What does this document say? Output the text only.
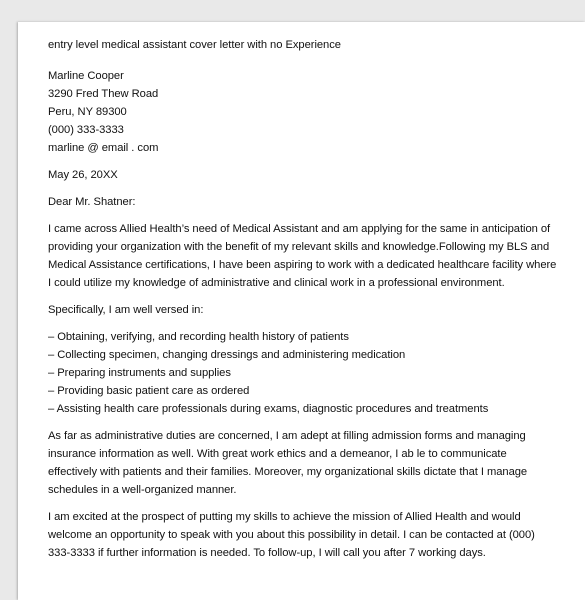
entry level medical assistant cover letter with no Experience
Marline Cooper
3290 Fred Thew Road
Peru, NY 89300
(000) 333-3333
marline @ email . com
May 26, 20XX
Dear Mr. Shatner:
I came across Allied Health’s need of Medical Assistant and am applying for the same in anticipation of
providing your organization with the benefit of my relevant skills and knowledge.Following my BLS and
Medical Assistance certifications, I have been aspiring to work with a dedicated healthcare facility where
I could utilize my knowledge of administrative and clinical work in a professional environment.
Specifically, I am well versed in:
– Obtaining, verifying, and recording health history of patients
– Collecting specimen, changing dressings and administering medication
– Preparing instruments and supplies
– Providing basic patient care as ordered
– Assisting health care professionals during exams, diagnostic procedures and treatments
As far as administrative duties are concerned, I am adept at filling admission forms and managing
insurance information as well. With great work ethics and a demeanor, I ab le to communicate
effectively with patients and their families. Moreover, my organizational skills dictate that I manage
schedules in a well-organized manner.
I am excited at the prospect of putting my skills to achieve the mission of Allied Health and would
welcome an opportunity to speak with you about this possibility in detail. I can be contacted at (000)
333-3333 if further information is needed. To follow-up, I will call you after 7 working days.
